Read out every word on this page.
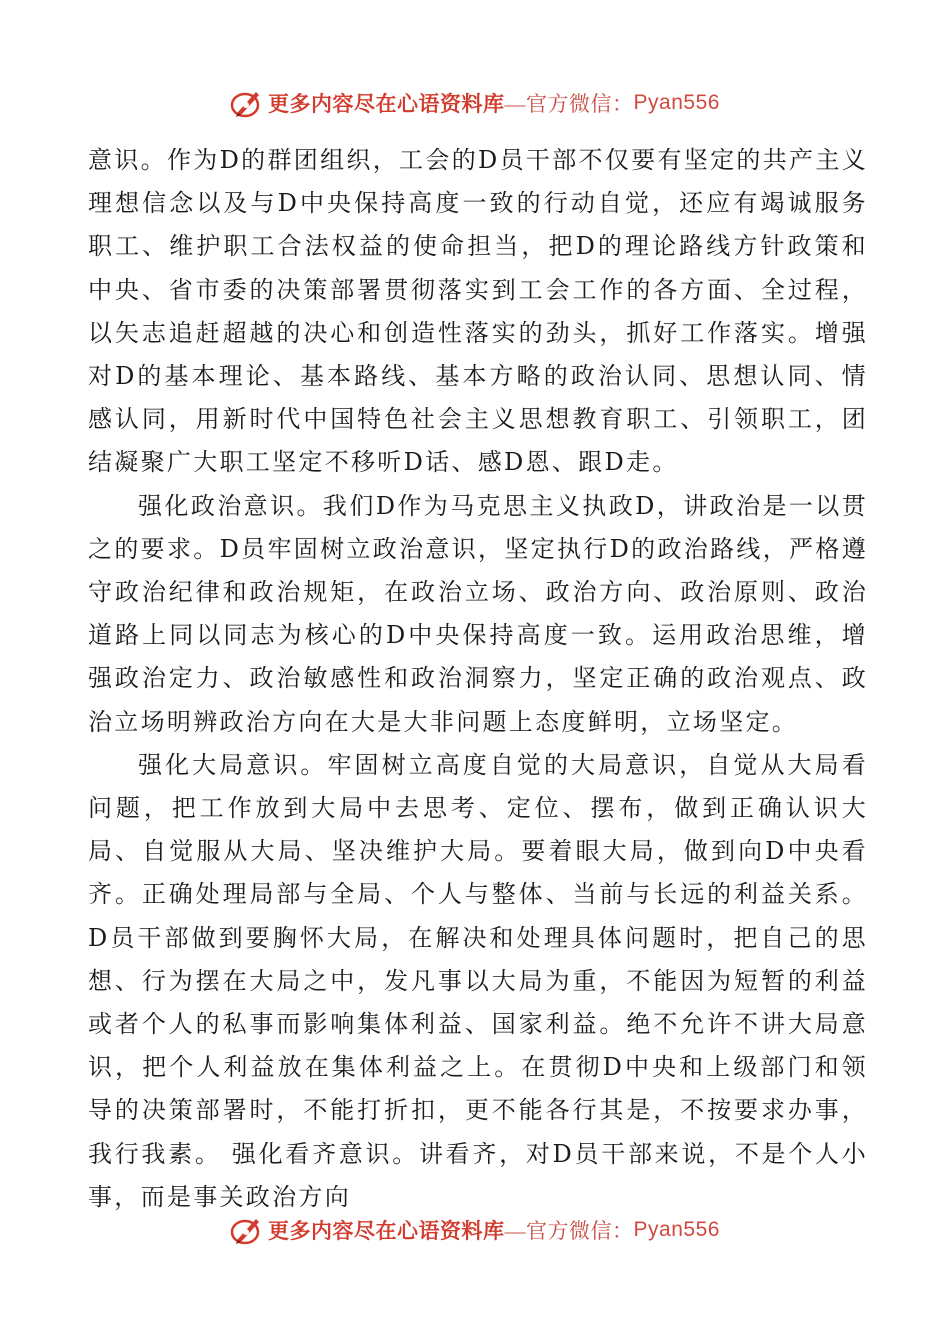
更多内容尽在心语资料库 —官方微信： Pyan556

意识。作为D的群团组织，工会的D员干部不仅要有坚定的共产主义理想信念以及与D中央保持高度一致的行动自觉，还应有竭诚服务职工、维护职工合法权益的使命担当，把D的理论路线方针政策和中央、省市委的决策部署贯彻落实到工会工作的各方面、全过程，以矢志追赶超越的决心和创造性落实的劲头，抓好工作落实。增强对D的基本理论、基本路线、基本方略的政治认同、思想认同、情感认同，用新时代中国特色社会主义思想教育职工、引领职工，团结凝聚广大职工坚定不移听D话、感D恩、跟D走。

强化政治意识。我们D作为马克思主义执政D，讲政治是一以贯之的要求。D员牢固树立政治意识，坚定执行D的政治路线，严格遵守政治纪律和政治规矩，在政治立场、政治方向、政治原则、政治道路上同以同志为核心的D中央保持高度一致。运用政治思维，增强政治定力、政治敏感性和政治洞察力，坚定正确的政治观点、政治立场明辨政治方向在大是大非问题上态度鲜明，立场坚定。

强化大局意识。牢固树立高度自觉的大局意识，自觉从大局看问题，把工作放到大局中去思考、定位、摆布，做到正确认识大局、自觉服从大局、坚决维护大局。要着眼大局，做到向D中央看齐。正确处理局部与全局、个人与整体、当前与长远的利益关系。D员干部做到要胸怀大局，在解决和处理具体问题时，把自己的思想、行为摆在大局之中，发凡事以大局为重，不能因为短暂的利益或者个人的私事而影响集体利益、国家利益。绝不允许不讲大局意识，把个人利益放在集体利益之上。在贯彻D中央和上级部门和领导的决策部署时，不能打折扣，更不能各行其是，不按要求办事，我行我素。 强化看齐意识。讲看齐，对D员干部来说，不是个人小事，而是事关政治方向

更多内容尽在心语资料库 —官方微信： Pyan556
